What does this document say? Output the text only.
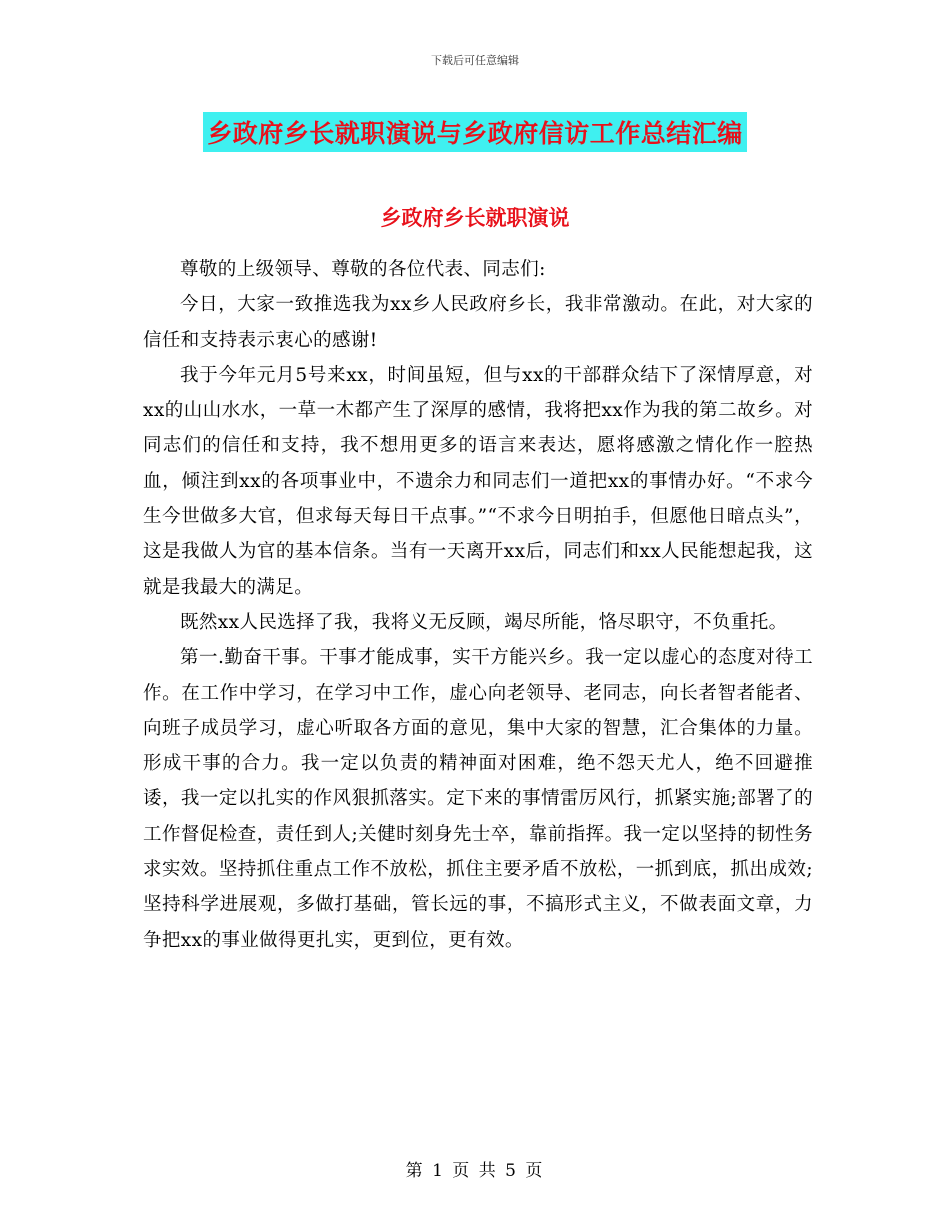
下载后可任意编辑
乡政府乡长就职演说与乡政府信访工作总结汇编
乡政府乡长就职演说

尊敬的上级领导、尊敬的各位代表、同志们:

今日，大家一致推选我为xx乡人民政府乡长，我非常激动。在此，对大家的信任和支持表示衷心的感谢!

我于今年元月5号来xx，时间虽短，但与xx的干部群众结下了深情厚意，对xx的山山水水，一草一木都产生了深厚的感情，我将把xx作为我的第二故乡。对同志们的信任和支持，我不想用更多的语言来表达，愿将感激之情化作一腔热血，倾注到xx的各项事业中，不遗余力和同志们一道把xx的事情办好。“不求今生今世做多大官，但求每天每日干点事。”“不求今日明拍手，但愿他日暗点头”，这是我做人为官的基本信条。当有一天离开xx后，同志们和xx人民能想起我，这就是我最大的满足。

既然xx人民选择了我，我将义无反顾，竭尽所能，恪尽职守，不负重托。

第一.勤奋干事。干事才能成事，实干方能兴乡。我一定以虚心的态度对待工作。在工作中学习，在学习中工作，虚心向老领导、老同志，向长者智者能者、向班子成员学习，虚心听取各方面的意见，集中大家的智慧，汇合集体的力量。形成干事的合力。我一定以负责的精神面对困难，绝不怨天尤人，绝不回避推诿，我一定以扎实的作风狠抓落实。定下来的事情雷厉风行，抓紧实施;部署了的工作督促检查，责任到人;关健时刻身先士卒，靠前指挥。我一定以坚持的韧性务求实效。坚持抓住重点工作不放松，抓住主要矛盾不放松，一抓到底，抓出成效;坚持科学进展观，多做打基础，管长远的事，不搞形式主义，不做表面文章，力争把xx的事业做得更扎实，更到位，更有效。

第 1 页 共 5 页
